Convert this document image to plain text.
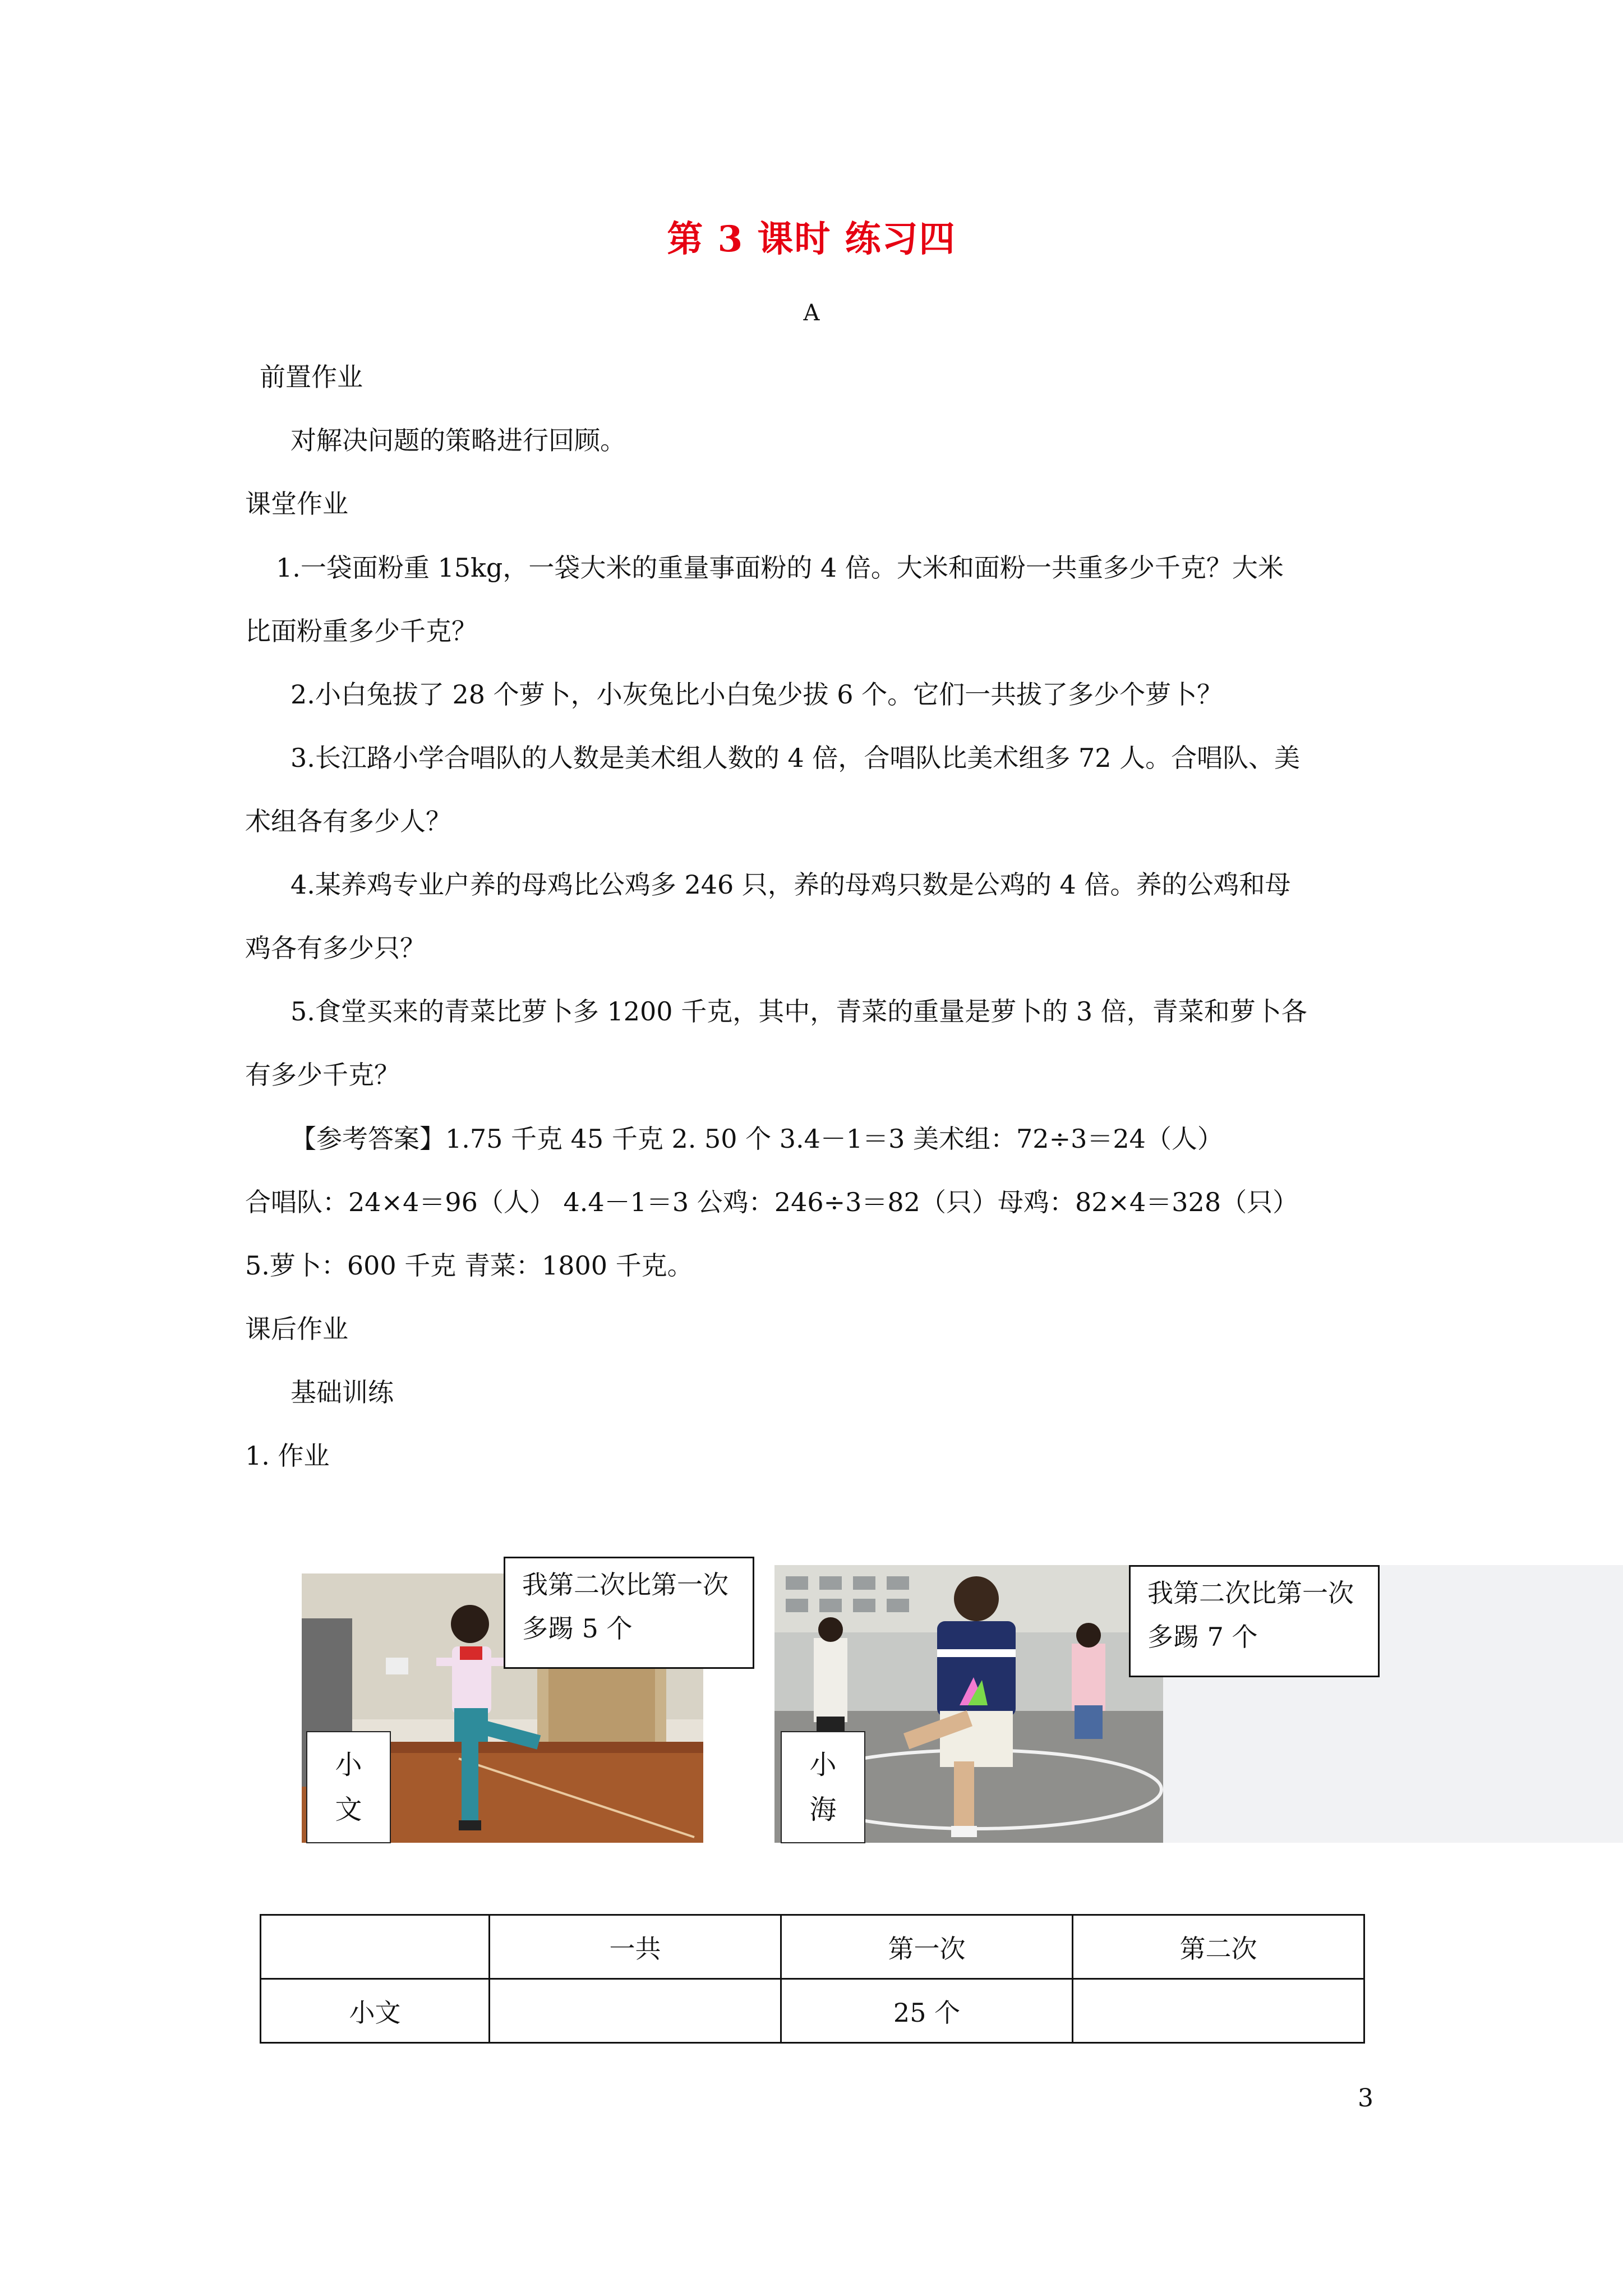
第 3 课时 练习四
A
前置作业
对解决问题的策略进行回顾。
课堂作业
1.一袋面粉重 15kg，一袋大米的重量事面粉的 4 倍。大米和面粉一共重多少千克？大米
比面粉重多少千克？
2.小白兔拔了 28 个萝卜，小灰兔比小白兔少拔 6 个。它们一共拔了多少个萝卜？
3.长江路小学合唱队的人数是美术组人数的 4 倍，合唱队比美术组多 72 人。合唱队、美
术组各有多少人？
4.某养鸡专业户养的母鸡比公鸡多 246 只，养的母鸡只数是公鸡的 4 倍。养的公鸡和母
鸡各有多少只？
5.食堂买来的青菜比萝卜多 1200 千克，其中，青菜的重量是萝卜的 3 倍，青菜和萝卜各
有多少千克？
【参考答案】1.75 千克 45 千克 2. 50 个 3.4－1＝3 美术组：72÷3＝24（人）
合唱队：24×4＝96（人） 4.4－1＝3 公鸡：246÷3＝82（只）母鸡：82×4＝328（只）
5.萝卜：600 千克 青菜：1800 千克。
课后作业
基础训练
1. 作业
我第二次比第一次多踢 5 个
我第二次比第一次多踢 7 个
小
文
小
海
	一共	第一次	第二次
小文		25 个	
3
